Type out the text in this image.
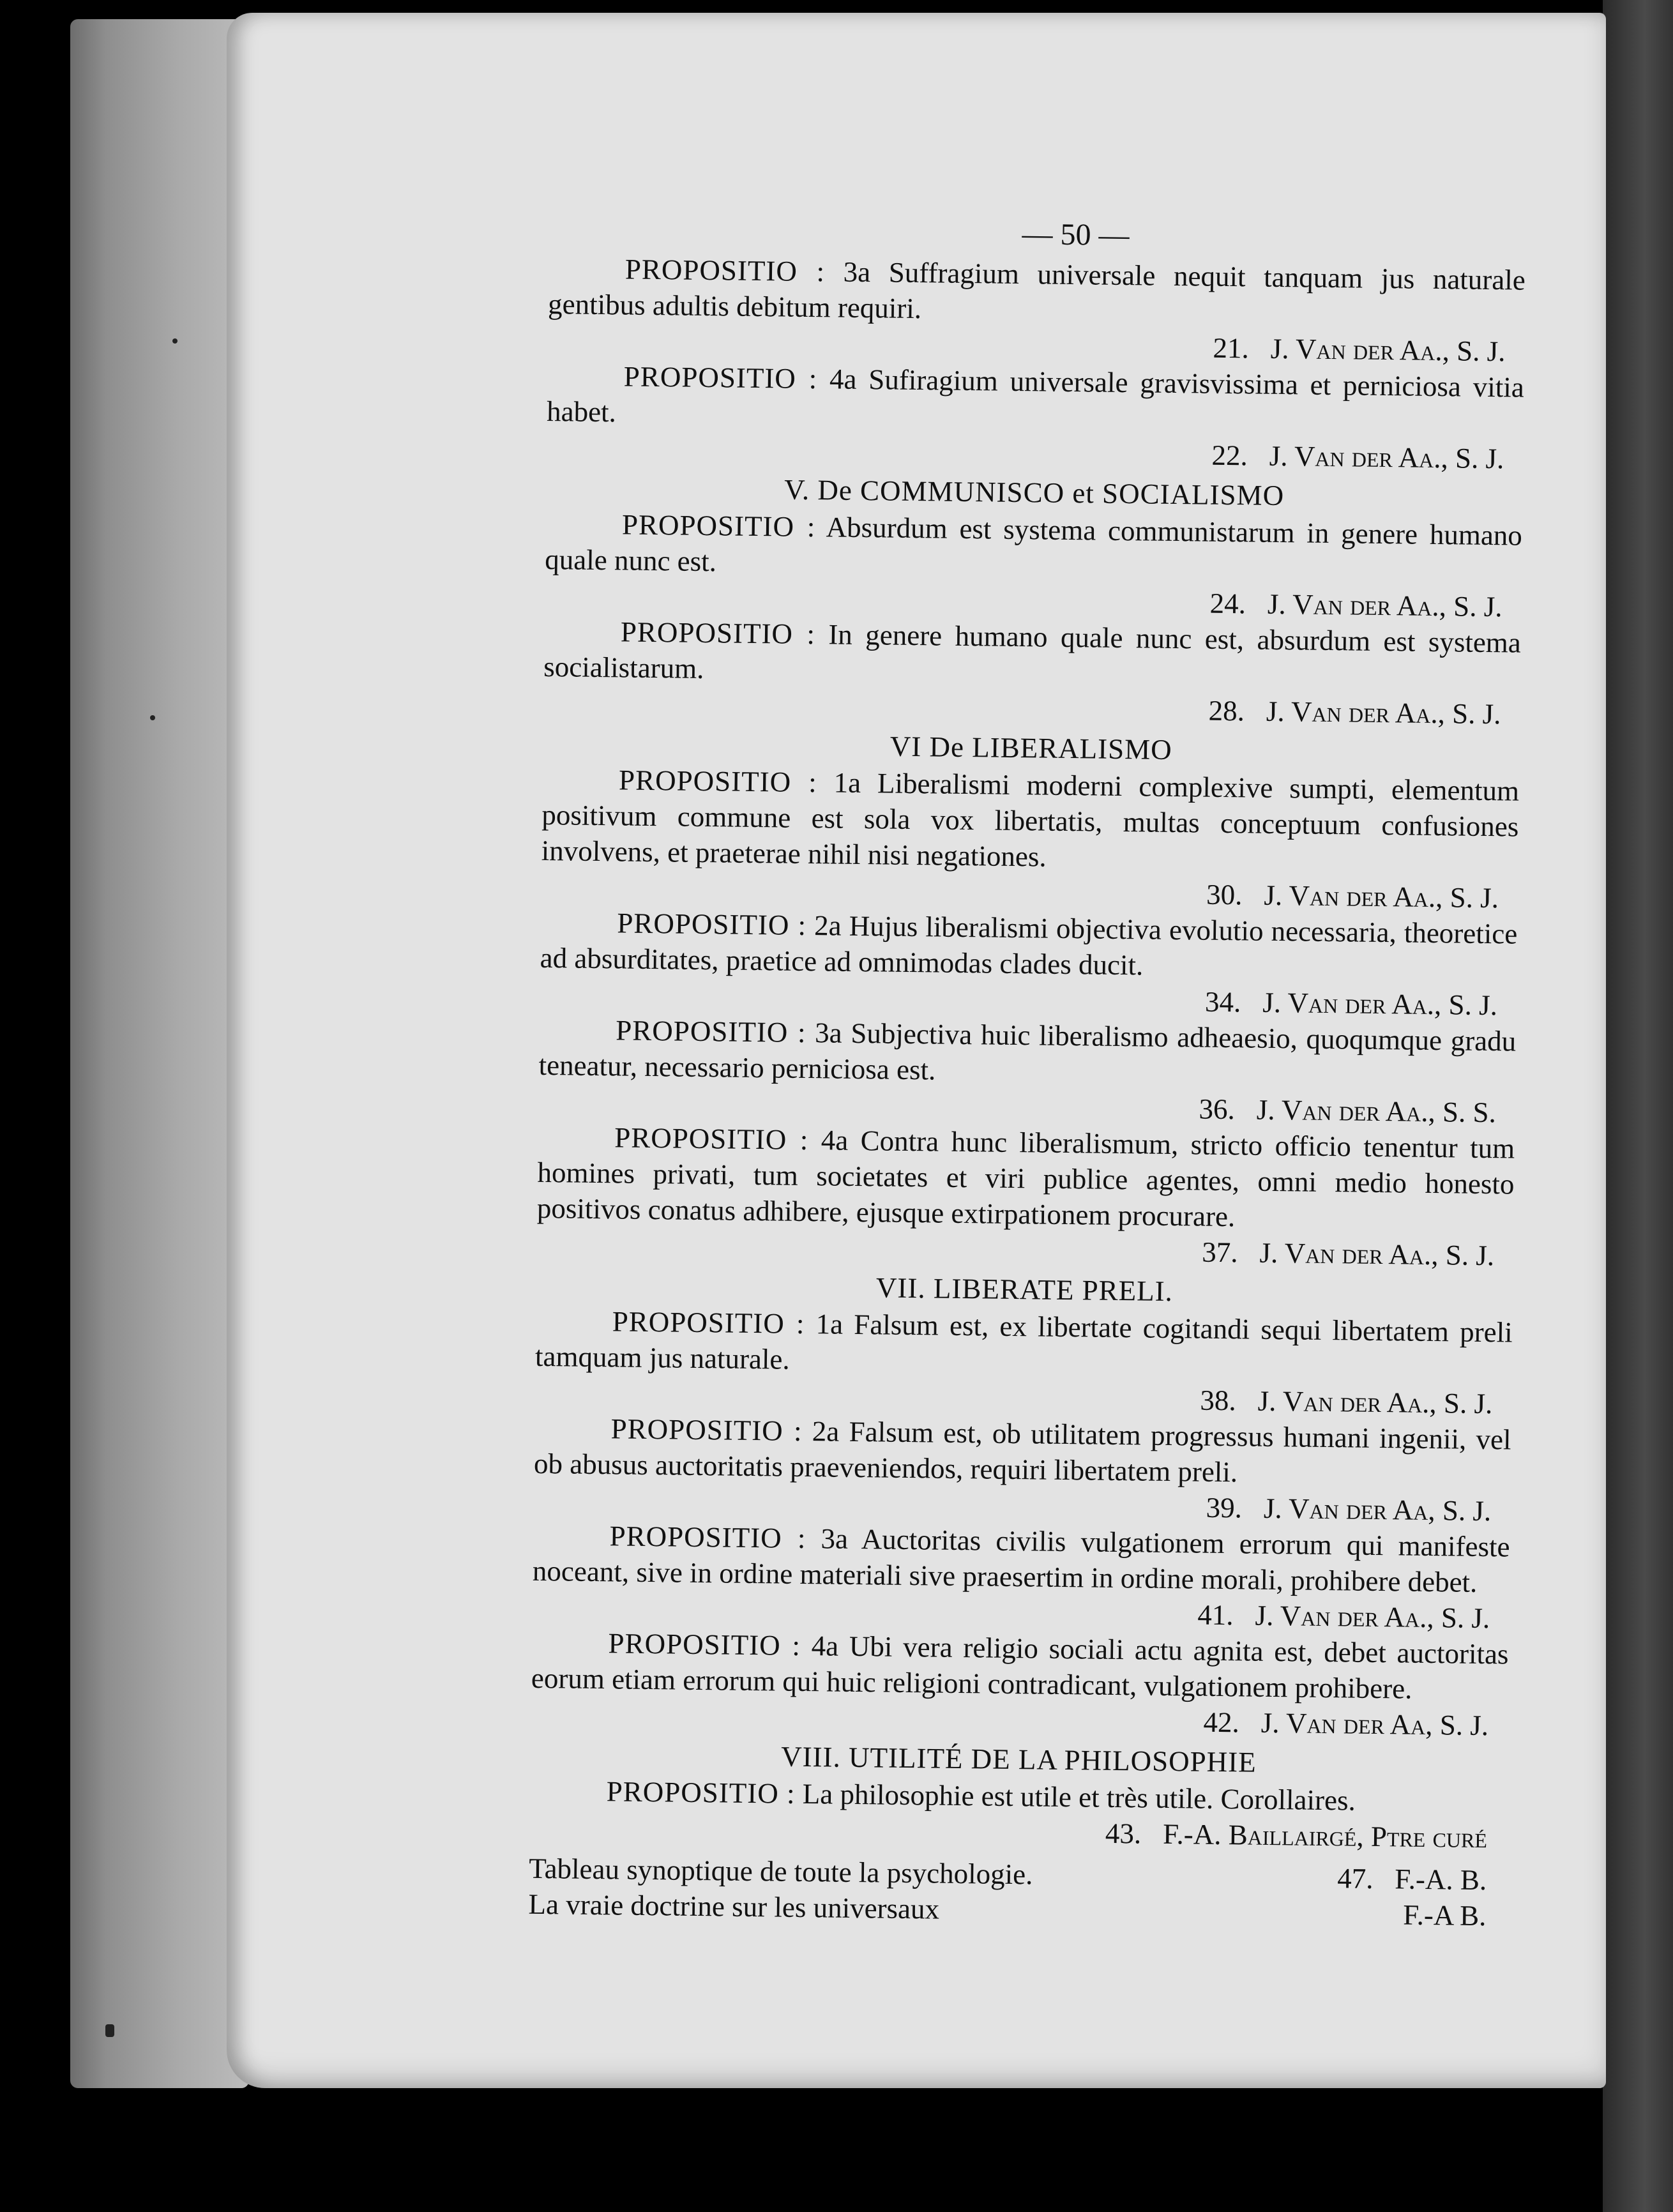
— 50 —
PROPOSITIO : 3a Suffragium universale nequit tanquam jus naturale gentibus adultis debitum requiri.
21. J. Van der Aa., S. J.
PROPOSITIO : 4a Sufiragium universale gravisvissima et perniciosa vitia habet.
22. J. Van der Aa., S. J.
V. De COMMUNISCO et SOCIALISMO
PROPOSITIO : Absurdum est systema communistarum in genere humano quale nunc est.
24. J. Van der Aa., S. J.
PROPOSITIO : In genere humano quale nunc est, absurdum est systema socialistarum.
28. J. Van der Aa., S. J.
VI De LIBERALISMO
PROPOSITIO : 1a Liberalismi moderni complexive sumpti, elementum positivum commune est sola vox libertatis, multas conceptuum confusiones involvens, et praeterae nihil nisi negationes.
30. J. Van der Aa., S. J.
PROPOSITIO : 2a Hujus liberalismi objectiva evolutio necessaria, theoretice ad absurditates, praetice ad omnimodas clades ducit.
34. J. Van der Aa., S. J.
PROPOSITIO : 3a Subjectiva huic liberalismo adheaesio, quoqumque gradu teneatur, necessario perniciosa est.
36. J. Van der Aa., S. S.
PROPOSITIO : 4a Contra hunc liberalismum, stricto officio tenentur tum homines privati, tum societates et viri publice agentes, omni medio honesto positivos conatus adhibere, ejusque extirpationem procurare.
37. J. Van der Aa., S. J.
VII. LIBERATE PRELI.
PROPOSITIO : 1a Falsum est, ex libertate cogitandi sequi libertatem preli tamquam jus naturale.
38. J. Van der Aa., S. J.
PROPOSITIO : 2a Falsum est, ob utilitatem progressus humani ingenii, vel ob abusus auctoritatis praeveniendos, requiri libertatem preli.
39. J. Van der Aa, S. J.
PROPOSITIO : 3a Auctoritas civilis vulgationem errorum qui manifeste noceant, sive in ordine materiali sive praesertim in ordine morali, prohibere debet.
41. J. Van der Aa., S. J.
PROPOSITIO : 4a Ubi vera religio sociali actu agnita est, debet auctoritas eorum etiam errorum qui huic religioni contradicant, vulgationem prohibere.
42. J. Van der Aa, S. J.
VIII. UTILITÉ DE LA PHILOSOPHIE
PROPOSITIO : La philosophie est utile et très utile. Corollaires.
43. F.-A. Baillairgé, Ptre curé
Tableau synoptique de toute la psychologie.	47.   F.-A. B.
La vraie doctrine sur les universaux	F.-A B.
